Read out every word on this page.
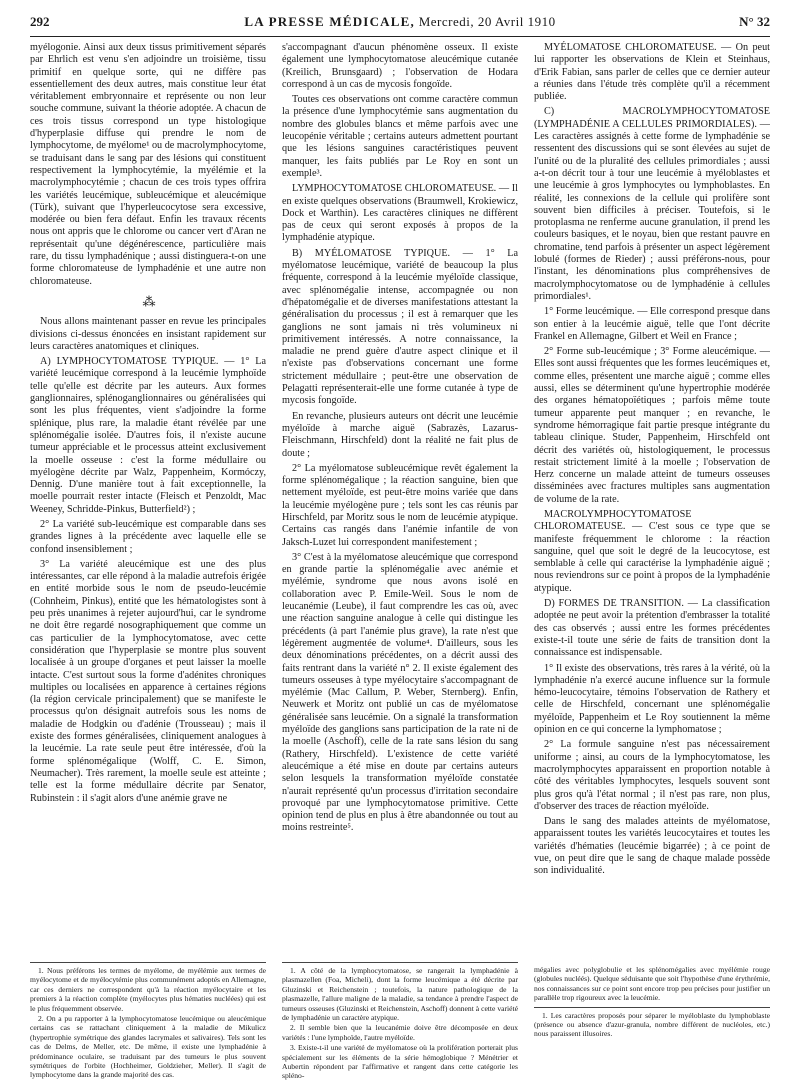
292	LA PRESSE MÉDICALE, Mercredi, 20 Avril 1910	N° 32

myélogonie. Ainsi aux deux tissus primitivement séparés par Ehrlich est venu s'en adjoindre un troisième, tissu primitif en quelque sorte, qui ne diffère pas essentiellement des deux autres, mais constitue leur état véritablement embryonnaire et représente ou non leur souche commune, suivant la théorie adoptée. A chacun de ces trois tissus correspond un type histologique d'hyperplasie diffuse qui prendre le nom de lymphocytome, de myélome¹ ou de macrolymphocytome, se traduisant dans le sang par des lésions qui constituent respectivement la lymphocytémie, la myélémie et la macrolymphocytémie ; chacun de ces trois types offrira les variétés leucémique, subleucémique et aleucémique (Türk), suivant que l'hyperleucocytose sera excessive, modérée ou bien fera défaut. Enfin les travaux récents nous ont appris que le chlorome ou cancer vert d'Aran ne représentait qu'une dégénérescence, particulière mais rare, du tissu lymphadénique ; aussi distinguera-t-on une forme chloromateuse de lymphadénie et une autre non chloromateuse.

⁂

Nous allons maintenant passer en revue les principales divisions ci-dessus énoncées en insistant rapidement sur leurs caractères anatomiques et cliniques.

A) LYMPHOCYTOMATOSE TYPIQUE. — 1° La variété leucémique correspond à la leucémie lymphoïde telle qu'elle est décrite par les auteurs. Aux formes ganglionnaires, splénoganglionnaires ou généralisées qui sont les plus fréquentes, vient s'adjoindre la forme splénique, plus rare, la maladie étant révélée par une splénomégalie isolée. D'autres fois, il n'existe aucune tumeur appréciable et le processus atteint exclusivement la moelle osseuse : c'est la forme médullaire ou myélogène décrite par Walz, Pappenheim, Kormóczy, Dennig. D'une manière tout à fait exceptionnelle, la moelle pourrait rester intacte (Fleisch et Penzoldt, Mac Weeney, Schridde-Pinkus, Butterfield²) ;

2° La variété sub-leucémique est comparable dans ses grandes lignes à la précédente avec laquelle elle se confond insensiblement ;

3° La variété aleucémique est une des plus intéressantes, car elle répond à la maladie autrefois érigée en entité morbide sous le nom de pseudo-leucémie (Cohnheim, Pinkus), entité que les hématologistes sont à peu près unanimes à rejeter aujourd'hui, car le syndrome ne doit être regardé nosographiquement que comme un cas particulier de la lymphocytomatose, avec cette considération que l'hyperplasie se montre plus souvent localisée à un groupe d'organes et peut laisser la moelle intacte. C'est surtout sous la forme d'adénites chroniques multiples ou localisées en apparence à certaines régions (la région cervicale principalement) que se manifeste le processus qu'on désignait autrefois sous les noms de maladie de Hodgkin ou d'adénie (Trousseau) ; mais il existe des formes généralisées, cliniquement analogues à la leucémie. La rate seule peut être intéressée, d'où la forme splénomégalique (Wolff, C. E. Simon, Neumacher). Très rarement, la moelle seule est atteinte ; telle est la forme médullaire décrite par Senator, Rubinstein : il s'agit alors d'une anémie grave ne

s'accompagnant d'aucun phénomène osseux. Il existe également une lymphocytomatose aleucémique cutanée (Kreilich, Brunsgaard) ; l'observation de Hodara correspond à un cas de mycosis fongoïde.

Toutes ces observations ont comme caractère commun la présence d'une lymphocytémie sans augmentation du nombre des globules blancs et même parfois avec une leucopénie véritable ; certains auteurs admettent pourtant que les lésions sanguines caractéristiques peuvent manquer, les faits publiés par Le Roy en sont un exemple³.

LYMPHOCYTOMATOSE CHLOROMATEUSE. — Il en existe quelques observations (Braumwell, Krokiewicz, Dock et Warthin). Les caractères cliniques ne diffèrent pas de ceux qui seront exposés à propos de la lymphadénie atypique.

B) MYÉLOMATOSE TYPIQUE. — 1° La myélomatose leucémique, variété de beaucoup la plus fréquente, correspond à la leucémie myéloïde classique, avec splénomégalie intense, accompagnée ou non d'hépatomégalie et de diverses manifestations attestant la généralisation du processus ; il est à remarquer que les ganglions ne sont jamais ni très volumineux ni primitivement intéressés. A notre connaissance, la maladie ne prend guère d'autre aspect clinique et il n'existe pas d'observations concernant une forme strictement médullaire ; peut-être une observation de Pelagatti représenterait-elle une forme cutanée à type de mycosis fongoïde.

En revanche, plusieurs auteurs ont décrit une leucémie myéloïde à marche aiguë (Sabrazès, Lazarus-Fleischmann, Hirschfeld) dont la réalité ne fait plus de doute ;

2° La myélomatose subleucémique revêt également la forme splénomégalique ; la réaction sanguine, bien que nettement myéloïde, est peut-être moins variée que dans la leucémie myélogène pure ; tels sont les cas réunis par Hirschfeld, par Moritz sous le nom de leucémie atypique. Certains cas rangés dans l'anémie infantile de von Jaksch-Luzet lui correspondent manifestement ;

3° C'est à la myélomatose aleucémique que correspond en grande partie la splénomégalie avec anémie et myélémie, syndrome que nous avons isolé en collaboration avec P. Emile-Weil. Sous le nom de leucanémie (Leube), il faut comprendre les cas où, avec une réaction sanguine analogue à celle qui distingue les précédents (à part l'anémie plus grave), la rate n'est que légèrement augmentée de volume⁴. D'ailleurs, sous les deux dénominations précédentes, on a décrit aussi des faits rentrant dans la variété n° 2. Il existe également des tumeurs osseuses à type myélocytaire s'accompagnant de myélémie (Mac Callum, P. Weber, Sternberg). Enfin, Neuwerk et Moritz ont publié un cas de myélomatose généralisée sans leucémie. On a signalé la transformation myéloïde des ganglions sans participation de la rate ni de la moelle (Aschoff), celle de la rate sans lésion du sang (Rathery, Hirschfeld). L'existence de cette variété aleucémique a été mise en doute par certains auteurs selon lesquels la transformation myéloïde constatée n'aurait représenté qu'un processus d'irritation secondaire provoqué par une lymphocytomatose primitive. Cette opinion tend de plus en plus à être abandonnée ou tout au moins restreinte⁵.

MYÉLOMATOSE CHLOROMATEUSE. — On peut lui rapporter les observations de Klein et Steinhaus, d'Erik Fabian, sans parler de celles que ce dernier auteur a réunies dans l'étude très complète qu'il a récemment publiée.

C) MACROLYMPHOCYTOMATOSE (LYMPHADÉNIE A CELLULES PRIMORDIALES). — Les caractères assignés à cette forme de lymphadénie se ressentent des discussions qui se sont élevées au sujet de l'unité ou de la pluralité des cellules primordiales ; aussi a-t-on décrit tour à tour une leucémie à myéloblastes et une leucémie à gros lymphocytes ou lymphoblastes. En réalité, les connexions de la cellule qui prolifère sont souvent bien difficiles à préciser. Toutefois, si le protoplasma ne renferme aucune granulation, il prend les couleurs basiques, et le noyau, bien que restant pauvre en chromatine, tend parfois à présenter un aspect légèrement lobulé (formes de Rieder) ; aussi préférons-nous, pour l'instant, les dénominations plus compréhensives de macrolymphocytomatose ou de lymphadénie à cellules primordiales¹.

1° Forme leucémique. — Elle correspond presque dans son entier à la leucémie aiguë, telle que l'ont décrite Frankel en Allemagne, Gilbert et Weil en France ;

2° Forme sub-leucémique ; 3° Forme aleucémique. — Elles sont aussi fréquentes que les formes leucémiques et, comme elles, présentent une marche aiguë ; comme elles aussi, elles se déterminent qu'une hypertrophie modérée des organes hématopoïétiques ; parfois même toute tumeur apparente peut manquer ; en revanche, le syndrome hémorragique fait partie presque intégrante du tableau clinique. Studer, Pappenheim, Hirschfeld ont décrit des variétés où, histologiquement, le processus restait strictement limité à la moelle ; l'observation de Herz concerne un malade atteint de tumeurs osseuses disséminées avec fractures multiples sans augmentation de volume de la rate.

MACROLYMPHOCYTOMATOSE CHLOROMATEUSE. — C'est sous ce type que se manifeste fréquemment le chlorome : la réaction sanguine, quel que soit le degré de la leucocytose, est semblable à celle qui caractérise la lymphadénie aiguë ; nous reviendrons sur ce point à propos de la lymphadénie atypique.

D) FORMES DE TRANSITION. — La classification adoptée ne peut avoir la prétention d'embrasser la totalité des cas observés ; aussi entre les formes précédentes existe-t-il toute une série de faits de transition dont la connaissance est indispensable.

1° Il existe des observations, très rares à la vérité, où la lymphadénie n'a exercé aucune influence sur la formule hémo-leucocytaire, témoins l'observation de Rathery et celle de Hirschfeld, concernant une splénomégalie myéloïde, Pappenheim et Le Roy soutiennent la même opinion en ce qui concerne la lymphomatose ;

2° La formule sanguine n'est pas nécessairement uniforme ; ainsi, au cours de la lymphocytomatose, les macrolymphocytes apparaissent en proportion notable à côté des véritables lymphocytes, lesquels souvent sont plus gros qu'à l'état normal ; il n'est pas rare, non plus, d'observer des traces de réaction myéloïde.

Dans le sang des malades atteints de myélomatose, apparaissent toutes les variétés leucocytaires et toutes les variétés d'hématies (leucémie bigarrée) ; à ce point de vue, on peut dire que le sang de chaque malade possède son individualité.

1. Nous préférons les termes de myélome, de myélémie aux termes de myélocytome et de myélocytémie plus communément adoptés en Allemagne, car ces derniers ne correspondent qu'à la réaction myélocytaire et les premiers à la réaction complète (myélocytes plus hématies nucléées) qui est le plus fréquemment observée.

2. On a pu rapporter à la lymphocytomatose leucémique ou aleucémique certains cas se rattachant cliniquement à la maladie de Mikulicz (hypertrophie symétrique des glandes lacrymales et salivaires). Tels sont les cas de Delms, de Meller, etc. De même, il existe une lymphadénie à prédominance oculaire, se traduisant par des tumeurs le plus souvent symétriques de l'orbite (Hochheimer, Goldzieher, Meller). Il s'agit de lymphocytome dans la grande majorité des cas.

1. A côté de la lymphocytomatose, se rangerait la lymphadénie à plasmazellen (Foa, Micheli), dont la forme leucémique a été décrite par Gluzinski et Reichenstein ; toutefois, la nature pathologique de la plasmazelle, l'allure maligne de la maladie, sa tendance à prendre l'aspect de tumeurs osseuses (Gluzinski et Reichenstein, Aschoff) donnent à cette variété de lymphadénie un caractère atypique.

2. Il semble bien que la leucanémie doive être décomposée en deux variétés : l'une lymphoïde, l'autre myéloïde.

3. Existe-t-il une variété de myélomatose où la prolifération porterait plus spécialement sur les éléments de la série hémoglobique ? Ménétrier et Aubertin répondent par l'affirmative et rangent dans cette catégorie les spléno-

mégalies avec polyglobulie et les splénomégalies avec myélémie rouge (globules nucléés). Quelque séduisante que soit l'hypothèse d'une érythrémie, nos connaissances sur ce point sont encore trop peu précises pour justifier un parallèle trop rigoureux avec la leucémie.

1. Les caractères proposés pour séparer le myéloblaste du lymphoblaste (présence ou absence d'azur-granula, nombre différent de nucléoles, etc.) nous paraissent illusoires.
